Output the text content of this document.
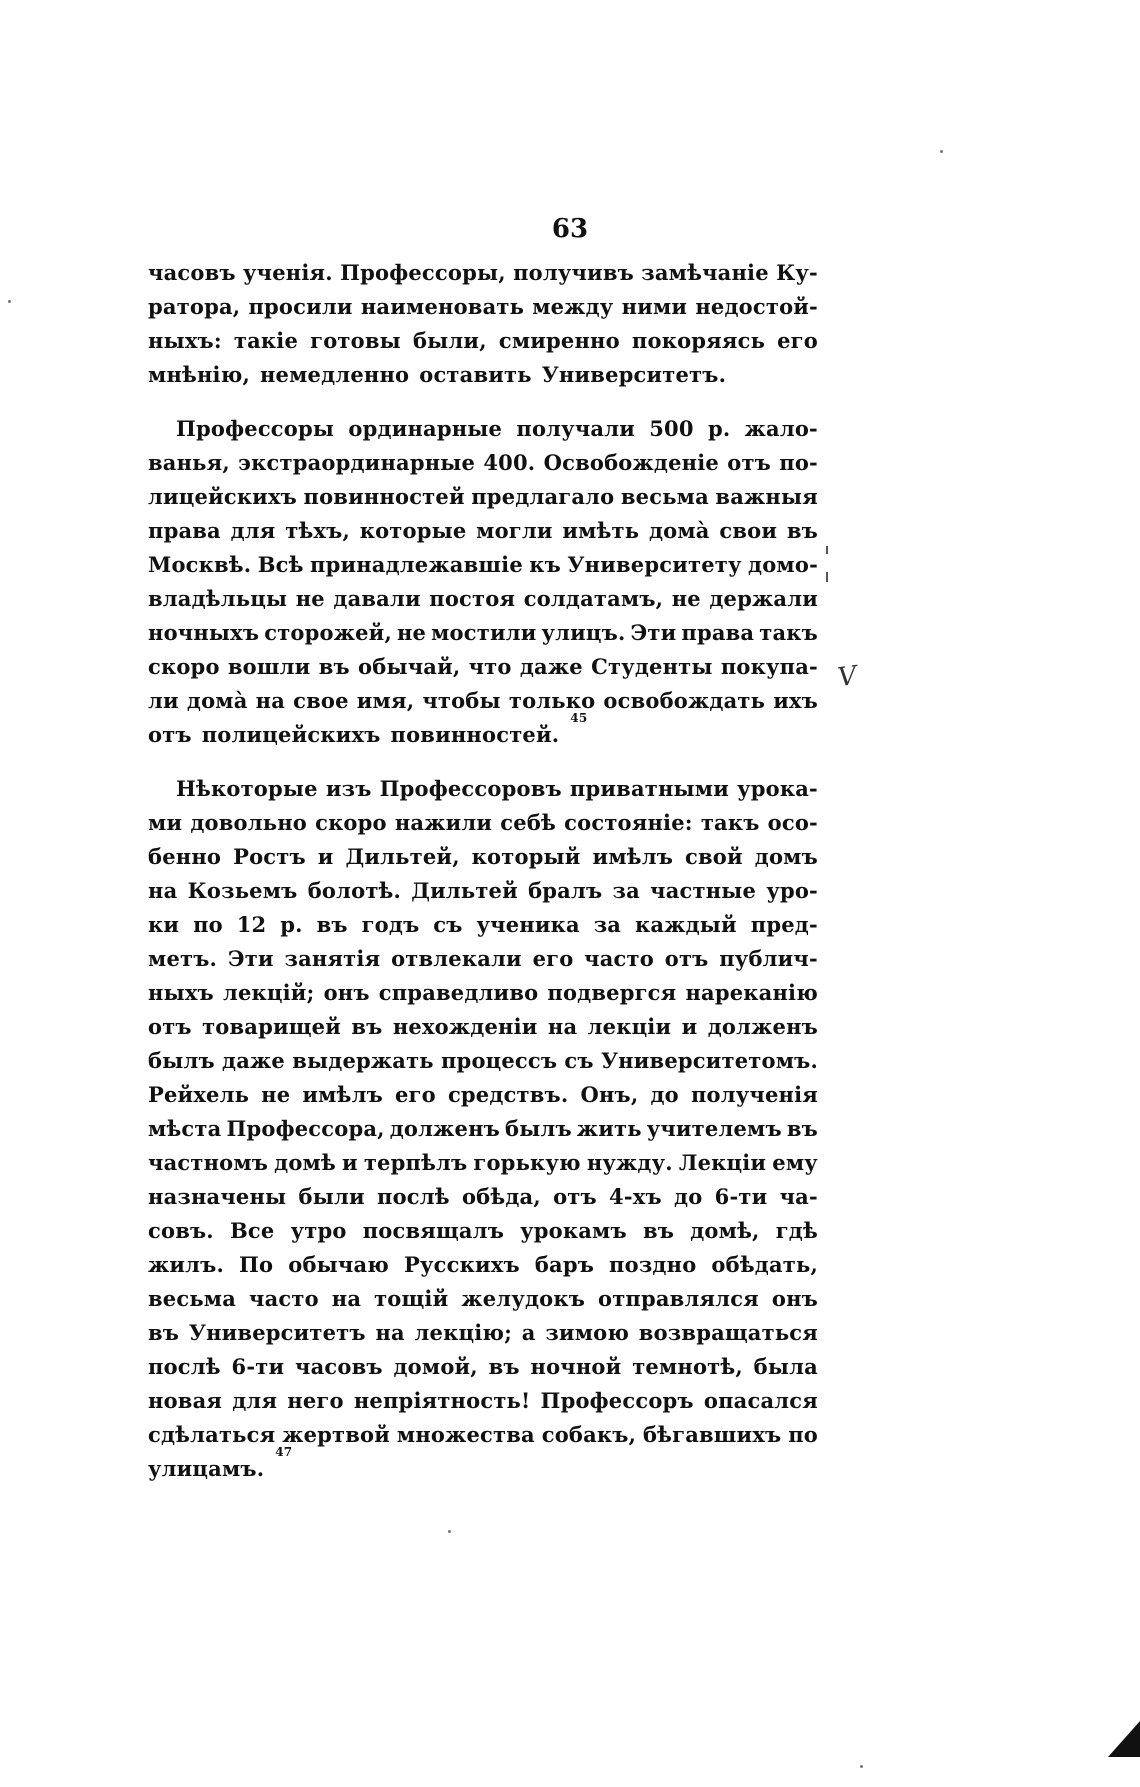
63
часовъ ученія. Профессоры, получивъ замѣчаніе Ку-
ратора, просили наименовать между ними недостой-
ныхъ: такіе готовы были, смиренно покоряясь его
мнѣнію, немедленно оставить Университетъ.
Профессоры ординарные получали 500 р. жало-
ванья, экстраординарные 400. Освобожденіе отъ по-
лицейскихъ повинностей предлагало весьма важныя
права для тѣхъ, которые могли имѣть домà свои въ
Москвѣ. Всѣ принадлежавшіе къ Университету домо-
владѣльцы не давали постоя солдатамъ, не держали
ночныхъ сторожей, не мостили улицъ. Эти права такъ
скоро вошли въ обычай, что даже Студенты покупа-
ли домà на свое имя, чтобы только освобождать ихъ
отъ полицейскихъ повинностей.
45
Нѣкоторые изъ Профессоровъ приватными урока-
ми довольно скоро нажили себѣ состояніе: такъ осо-
бенно Ростъ и Дильтей, который имѣлъ свой домъ
на Козьемъ болотѣ. Дильтей бралъ за частные уро-
ки по 12 р. въ годъ съ ученика за каждый пред-
метъ. Эти занятія отвлекали его часто отъ публич-
ныхъ лекцій; онъ справедливо подвергся нареканію
отъ товарищей въ нехожденіи на лекціи и долженъ
былъ даже выдержать процессъ съ Университетомъ.
Рейхель не имѣлъ его средствъ. Онъ, до полученія
мѣста Профессора, долженъ былъ жить учителемъ въ
частномъ домѣ и терпѣлъ горькую нужду. Лекціи ему
назначены были послѣ обѣда, отъ 4-хъ до 6-ти ча-
совъ. Все утро посвящалъ урокамъ въ домѣ, гдѣ
жилъ. По обычаю Русскихъ баръ поздно обѣдать,
весьма часто на тощій желудокъ отправлялся онъ
въ Университетъ на лекцію; а зимою возвращаться
послѣ 6-ти часовъ домой, въ ночной темнотѣ, была
новая для него непріятность! Профессоръ опасался
сдѣлаться жертвой множества собакъ, бѣгавшихъ по
улицамъ.
47
V
